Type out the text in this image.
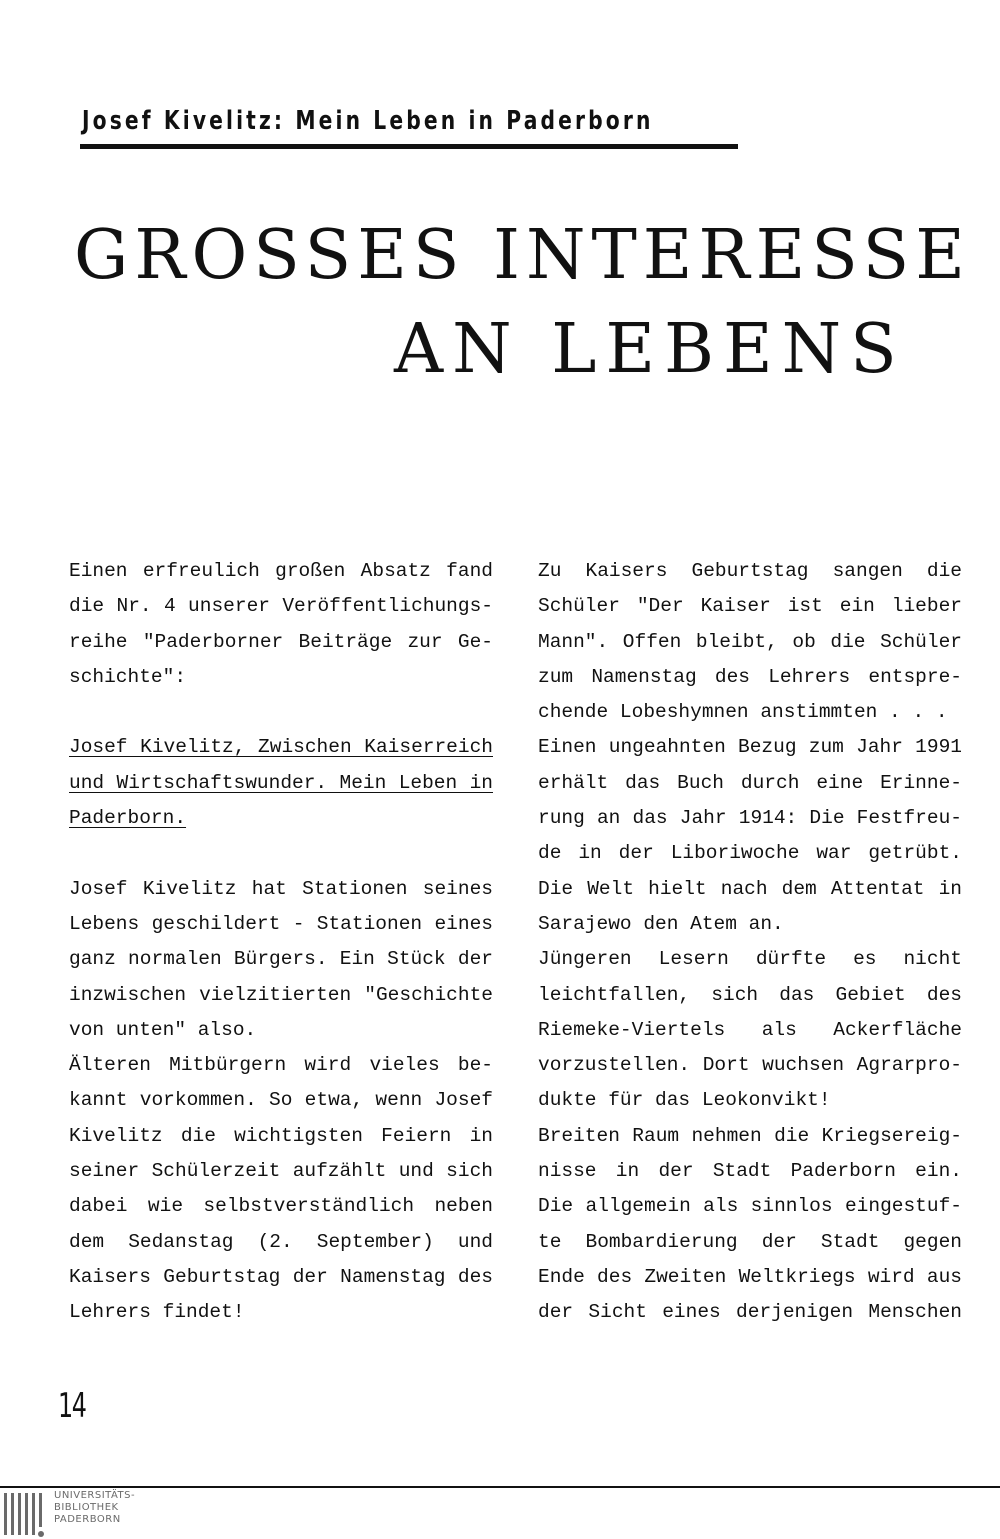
Josef Kivelitz: Mein Leben in Paderborn
GROSSES INTERESSE
AN LEBENS
Einen erfreulich großen Absatz fand
die Nr. 4 unserer Veröffentlichungs-
reihe "Paderborner Beiträge zur Ge-
schichte":
Josef Kivelitz, Zwischen Kaiserreich
und Wirtschaftswunder. Mein Leben in
Paderborn.
Josef Kivelitz hat Stationen seines
Lebens geschildert - Stationen eines
ganz normalen Bürgers. Ein Stück der
inzwischen vielzitierten "Geschichte
von unten" also.
Älteren Mitbürgern wird vieles be-
kannt vorkommen. So etwa, wenn Josef
Kivelitz die wichtigsten Feiern in
seiner Schülerzeit aufzählt und sich
dabei wie selbstverständlich neben
dem Sedanstag (2. September) und
Kaisers Geburtstag der Namenstag des
Lehrers findet!
Zu Kaisers Geburtstag sangen die
Schüler "Der Kaiser ist ein lieber
Mann". Offen bleibt, ob die Schüler
zum Namenstag des Lehrers entspre-
chende Lobeshymnen anstimmten . . .
Einen ungeahnten Bezug zum Jahr 1991
erhält das Buch durch eine Erinne-
rung an das Jahr 1914: Die Festfreu-
de in der Liboriwoche war getrübt.
Die Welt hielt nach dem Attentat in
Sarajewo den Atem an.
Jüngeren Lesern dürfte es nicht
leichtfallen, sich das Gebiet des
Riemeke-Viertels als Ackerfläche
vorzustellen. Dort wuchsen Agrarpro-
dukte für das Leokonvikt!
Breiten Raum nehmen die Kriegsereig-
nisse in der Stadt Paderborn ein.
Die allgemein als sinnlos eingestuf-
te Bombardierung der Stadt gegen
Ende des Zweiten Weltkriegs wird aus
der Sicht eines derjenigen Menschen
14
UNIVERSITÄTS-
BIBLIOTHEK
PADERBORN
